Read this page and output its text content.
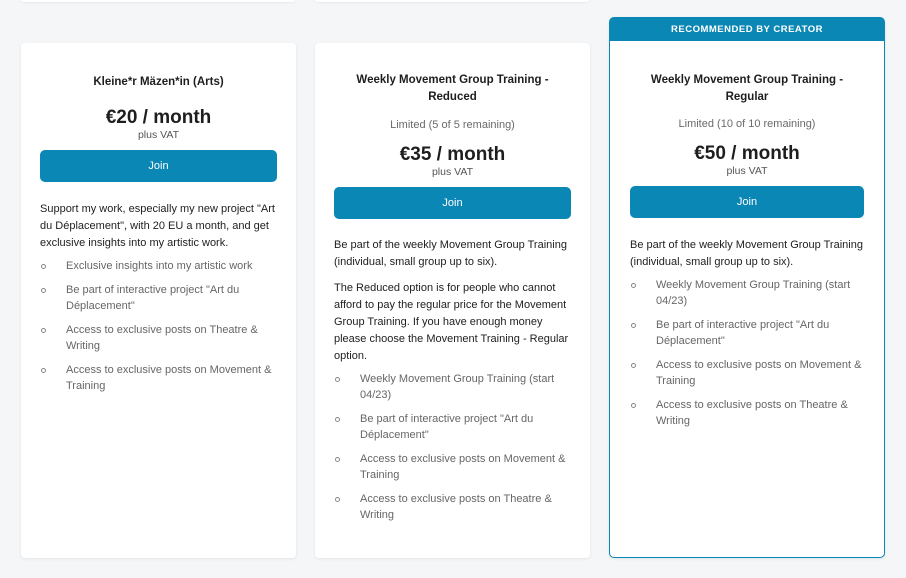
Kleine*r Mäzen*in (Arts)
€20 / month
plus VAT
Join

Support my work, especially my new project "Art du Déplacement", with 20 EU a month, and get exclusive insights into my artistic work.

Exclusive insights into my artistic work
Be part of interactive project "Art du Déplacement"
Access to exclusive posts on Theatre & Writing
Access to exclusive posts on Movement & Training
Weekly Movement Group Training - Reduced
Limited (5 of 5 remaining)
€35 / month
plus VAT
Join

Be part of the weekly Movement Group Training (individual, small group up to six).

The Reduced option is for people who cannot afford to pay the regular price for the Movement Group Training. If you have enough money please choose the Movement Training - Regular option.

Weekly Movement Group Training (start 04/23)
Be part of interactive project "Art du Déplacement"
Access to exclusive posts on Movement & Training
Access to exclusive posts on Theatre & Writing
RECOMMENDED BY CREATOR
Weekly Movement Group Training - Regular
Limited (10 of 10 remaining)
€50 / month
plus VAT
Join

Be part of the weekly Movement Group Training (individual, small group up to six).

Weekly Movement Group Training (start 04/23)
Be part of interactive project "Art du Déplacement"
Access to exclusive posts on Movement & Training
Access to exclusive posts on Theatre & Writing
